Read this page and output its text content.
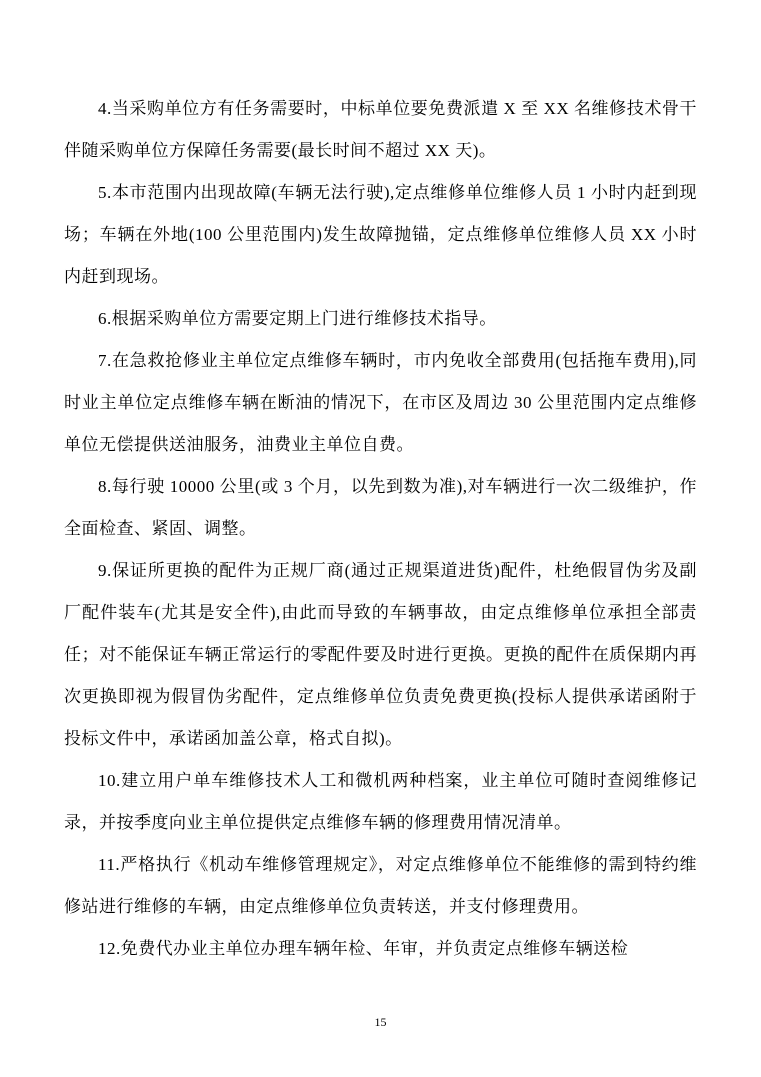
4.当采购单位方有任务需要时，中标单位要免费派遣 X 至 XX 名维修技术骨干伴随采购单位方保障任务需要(最长时间不超过 XX 天)。

5.本市范围内出现故障(车辆无法行驶),定点维修单位维修人员 1 小时内赶到现场；车辆在外地(100 公里范围内)发生故障抛锚，定点维修单位维修人员 XX 小时内赶到现场。

6.根据采购单位方需要定期上门进行维修技术指导。

7.在急救抢修业主单位定点维修车辆时，市内免收全部费用(包括拖车费用),同时业主单位定点维修车辆在断油的情况下，在市区及周边 30 公里范围内定点维修单位无偿提供送油服务，油费业主单位自费。

8.每行驶 10000 公里(或 3 个月，以先到数为准),对车辆进行一次二级维护，作全面检查、紧固、调整。

9.保证所更换的配件为正规厂商(通过正规渠道进货)配件，杜绝假冒伪劣及副厂配件装车(尤其是安全件),由此而导致的车辆事故，由定点维修单位承担全部责任；对不能保证车辆正常运行的零配件要及时进行更换。更换的配件在质保期内再次更换即视为假冒伪劣配件，定点维修单位负责免费更换(投标人提供承诺函附于投标文件中，承诺函加盖公章，格式自拟)。

10.建立用户单车维修技术人工和微机两种档案，业主单位可随时查阅维修记录，并按季度向业主单位提供定点维修车辆的修理费用情况清单。

11.严格执行《机动车维修管理规定》，对定点维修单位不能维修的需到特约维修站进行维修的车辆，由定点维修单位负责转送，并支付修理费用。

12.免费代办业主单位办理车辆年检、年审，并负责定点维修车辆送检

15
